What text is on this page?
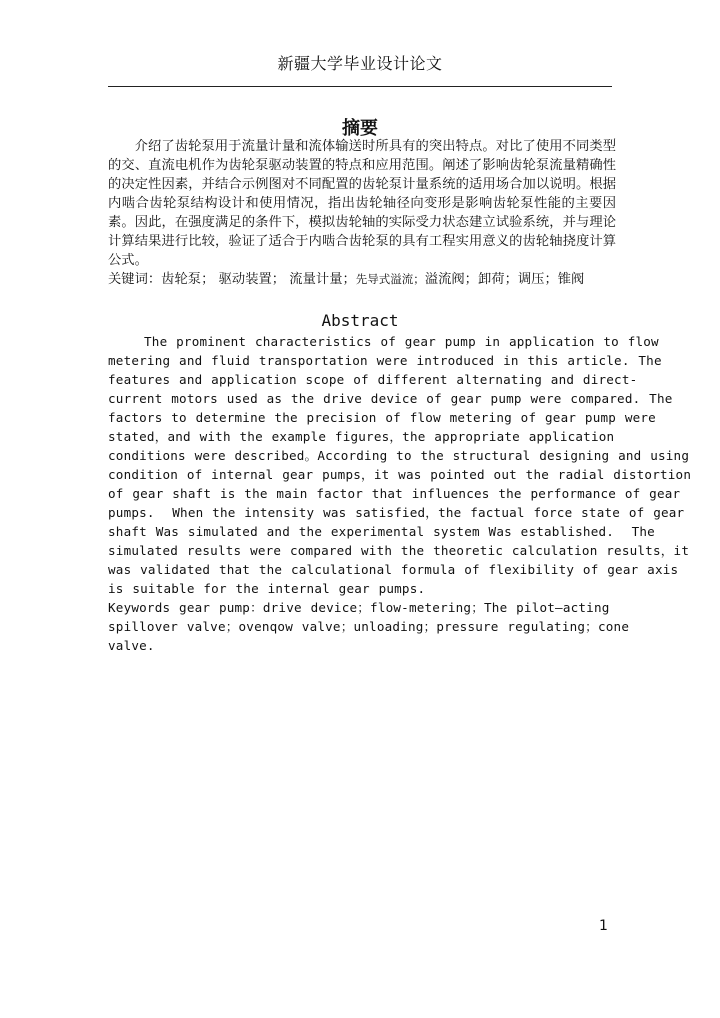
新疆大学毕业设计论文
摘要

介绍了齿轮泵用于流量计量和流体输送时所具有的突出特点。对比了使用不同类型的交、直流电机作为齿轮泵驱动装置的特点和应用范围。阐述了影响齿轮泵流量精确性的决定性因素，并结合示例图对不同配置的齿轮泵计量系统的适用场合加以说明。根据内啮合齿轮泵结构设计和使用情况，指出齿轮轴径向变形是影响齿轮泵性能的主要因素。因此，在强度满足的条件下，模拟齿轮轴的实际受力状态建立试验系统，并与理论计算结果进行比较，验证了适合于内啮合齿轮泵的具有工程实用意义的齿轮轴挠度计算公式。

关键词：齿轮泵； 驱动装置； 流量计量；先导式溢流；溢流阀；卸荷；调压；锥阀

Abstract
The prominent characteristics of gear pump in application to flow
metering and fluid transportation were introduced in this article. The
features and application scope of different alternating and direct-
current motors used as the drive device of gear pump were compared. The
factors to determine the precision of flow metering of gear pump were
stated，and with the example figures，the appropriate application
conditions were described。According to the structural designing and using
condition of internal gear pumps，it was pointed out the radial distortion
of gear shaft is the main factor that influences the performance of gear
pumps.  When the intensity was satisfied，the factual force state of gear
shaft Was simulated and the experimental system Was established.  The
simulated results were compared with the theoretic calculation results，it
was validated that the calculational formula of flexibility of gear axis
is suitable for the internal gear pumps.
Keywords gear pump：drive device；flow-metering；The pilot—acting
spillover valve；ovenqow valve；unloading；pressure regulating；cone
valve.
1
